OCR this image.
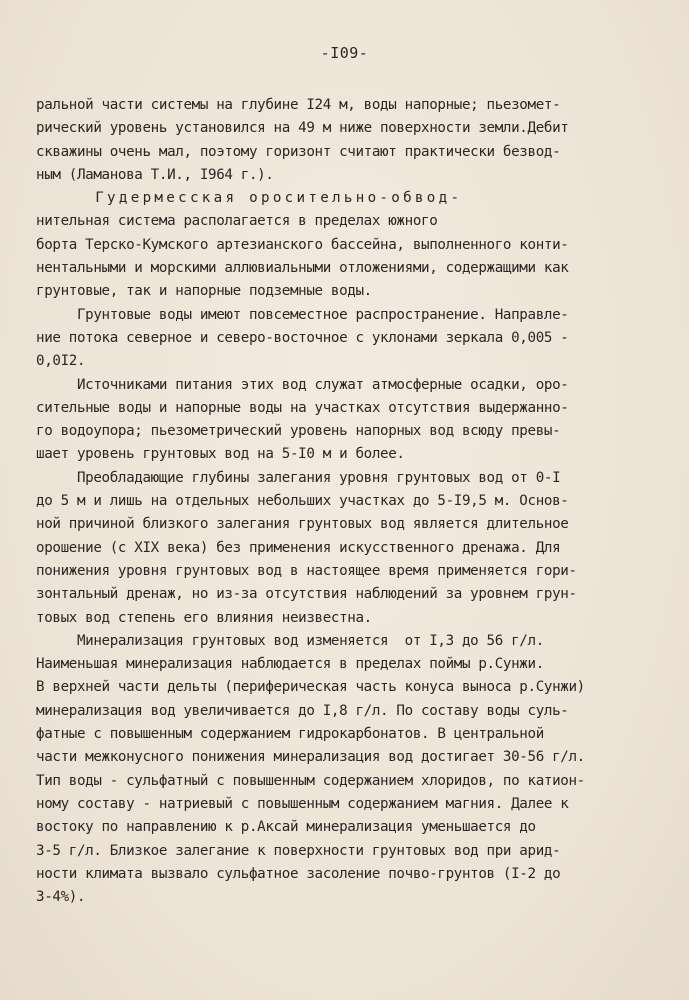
-I09-
ральной части системы на глубине I24 м, воды напорные; пьезомет-
рический уровень установился на 49 м ниже поверхности земли.Дебит
скважины очень мал, поэтому горизонт считают практически безвод-
ным (Ламанова Т.И., I964 г.).
Гудермесская оросительно-обвод-
нительная система располагается в пределах южного
борта Терско-Кумского артезианского бассейна, выполненного конти-
нентальными и морскими аллювиальными отложениями, содержащими как
грунтовые, так и напорные подземные воды.
Грунтовые воды имеют повсеместное распространение. Направле-
ние потока северное и северо-восточное с уклонами зеркала 0,005 -
0,0I2.
Источниками питания этих вод служат атмосферные осадки, оро-
сительные воды и напорные воды на участках отсутствия выдержанно-
го водоупора; пьезометрический уровень напорных вод всюду превы-
шает уровень грунтовых вод на 5-I0 м и более.
Преобладающие глубины залегания уровня грунтовых вод от 0-I
до 5 м и лишь на отдельных небольших участках до 5-I9,5 м. Основ-
ной причиной близкого залегания грунтовых вод является длительное
орошение (с XIX века) без применения искусственного дренажа. Для
понижения уровня грунтовых вод в настоящее время применяется гори-
зонтальный дренаж, но из-за отсутствия наблюдений за уровнем грун-
товых вод степень его влияния неизвестна.
Минерализация грунтовых вод изменяется  от I,3 до 56 г/л.
Наименьшая минерализация наблюдается в пределах поймы р.Сунжи.
В верхней части дельты (периферическая часть конуса выноса р.Сунжи)
минерализация вод увеличивается до I,8 г/л. По составу воды суль-
фатные с повышенным содержанием гидрокарбонатов. В центральной
части межконусного понижения минерализация вод достигает 30-56 г/л.
Тип воды - сульфатный с повышенным содержанием хлоридов, по катион-
ному составу - натриевый с повышенным содержанием магния. Далее к
востоку по направлению к р.Аксай минерализация уменьшается до
3-5 г/л. Близкое залегание к поверхности грунтовых вод при арид-
ности климата вызвало сульфатное засоление почво-грунтов (I-2 до
3-4%).
